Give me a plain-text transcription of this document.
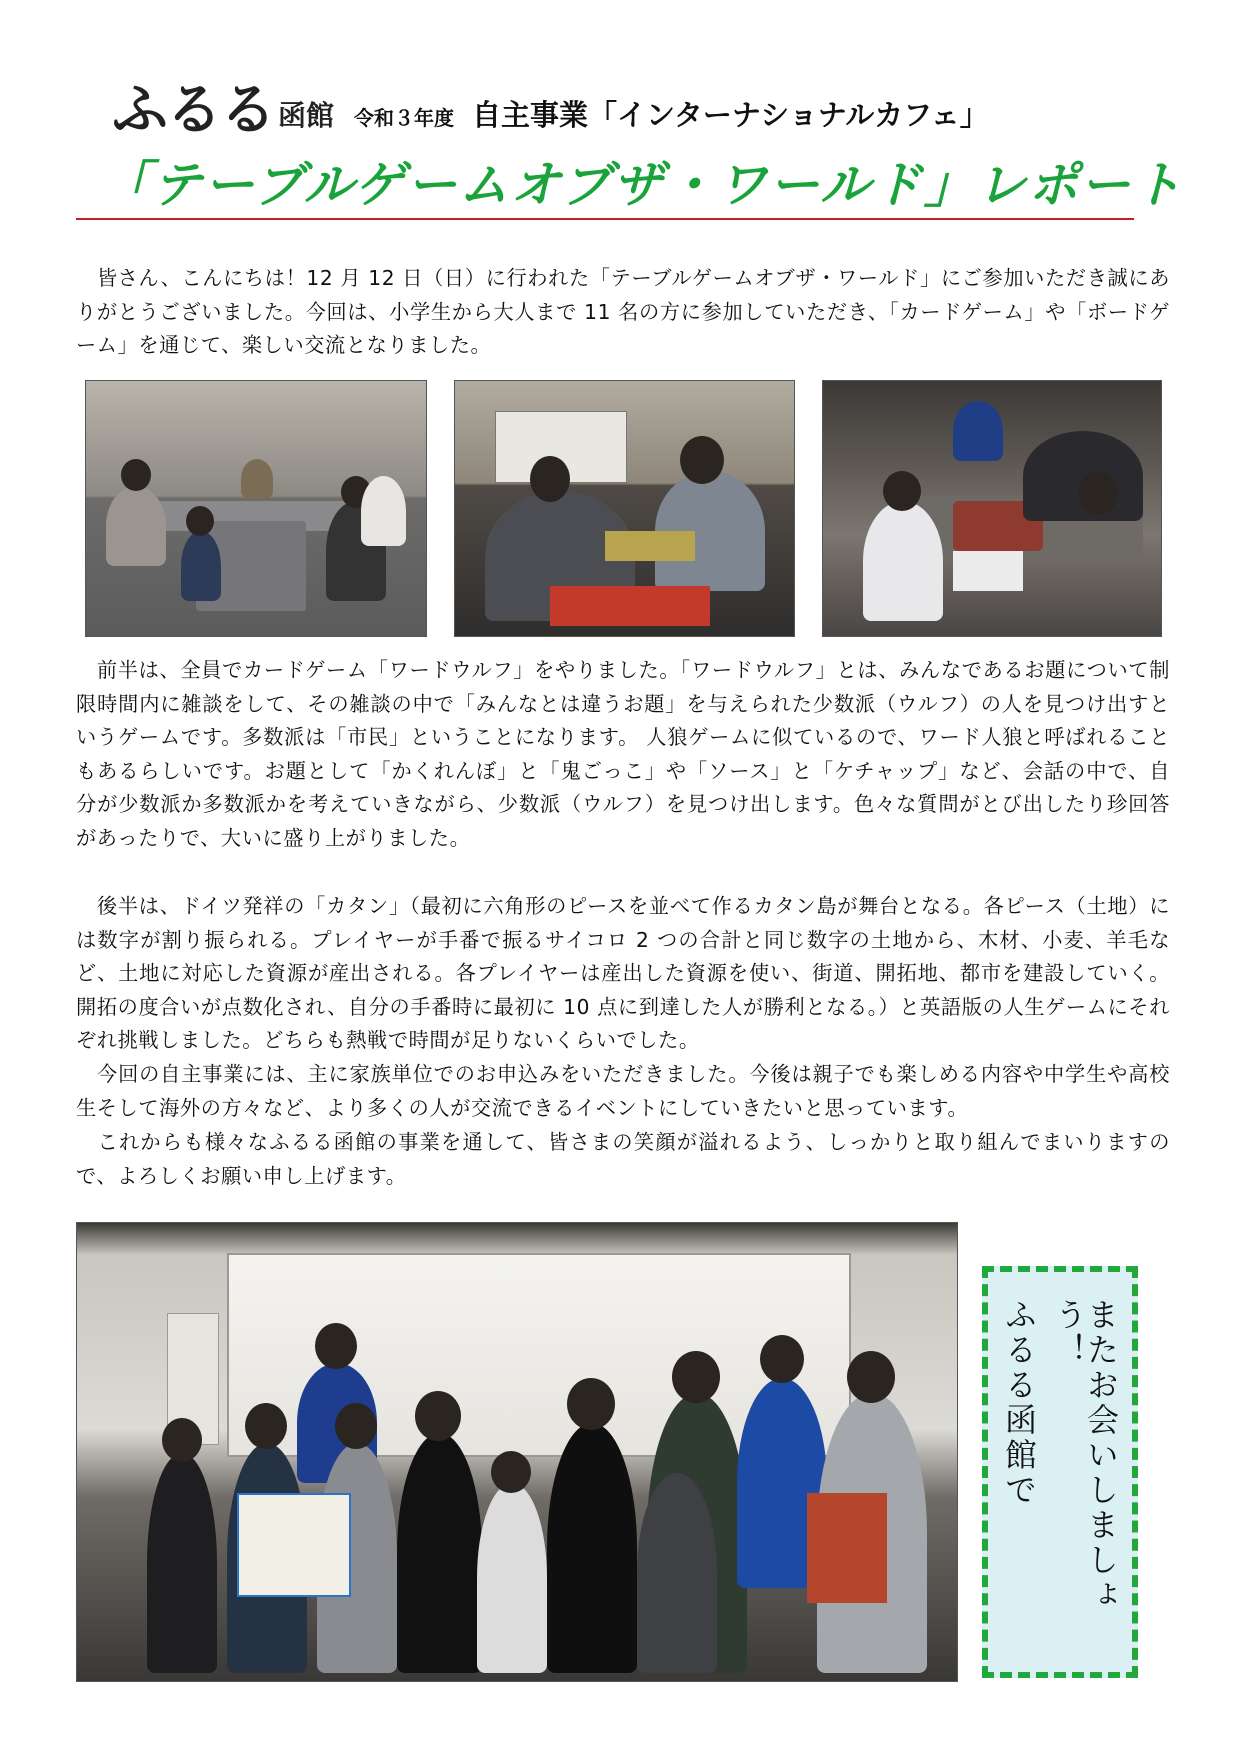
ふるる 函館 令和３年度 自主事業「インターナショナルカフェ」
「テーブルゲームオブザ・ワールド」レポート

　皆さん、こんにちは！12 月 12 日（日）に行われた「テーブルゲームオブザ・ワールド」にご参加いただき誠にありがとうございました。今回は、小学生から大人まで 11 名の方に参加していただき、「カードゲーム」や「ボードゲーム」を通じて、楽しい交流となりました。

　前半は、全員でカードゲーム「ワードウルフ」をやりました。「ワードウルフ」とは、みんなであるお題について制限時間内に雑談をして、その雑談の中で「みんなとは違うお題」を与えられた少数派（ウルフ）の人を見つけ出すというゲームです。多数派は「市民」ということになります。 人狼ゲームに似ているので、ワード人狼と呼ばれることもあるらしいです。お題として「かくれんぼ」と「鬼ごっこ」や「ソース」と「ケチャップ」など、会話の中で、自分が少数派か多数派かを考えていきながら、少数派（ウルフ）を見つけ出します。色々な質問がとび出したり珍回答があったりで、大いに盛り上がりました。

　後半は、ドイツ発祥の「カタン」（最初に六角形のピースを並べて作るカタン島が舞台となる。各ピース（土地）には数字が割り振られる。プレイヤーが手番で振るサイコロ 2 つの合計と同じ数字の土地から、木材、小麦、羊毛など、土地に対応した資源が産出される。各プレイヤーは産出した資源を使い、街道、開拓地、都市を建設していく。開拓の度合いが点数化され、自分の手番時に最初に 10 点に到達した人が勝利となる。）と英語版の人生ゲームにそれぞれ挑戦しました。どちらも熱戦で時間が足りないくらいでした。

　今回の自主事業には、主に家族単位でのお申込みをいただきました。今後は親子でも楽しめる内容や中学生や高校生そして海外の方々など、より多くの人が交流できるイベントにしていきたいと思っています。

　これからも様々なふるる函館の事業を通して、皆さまの笑顔が溢れるよう、しっかりと取り組んでまいりますので、よろしくお願い申し上げます。

ふるる函館で	またお会いしましょう！
